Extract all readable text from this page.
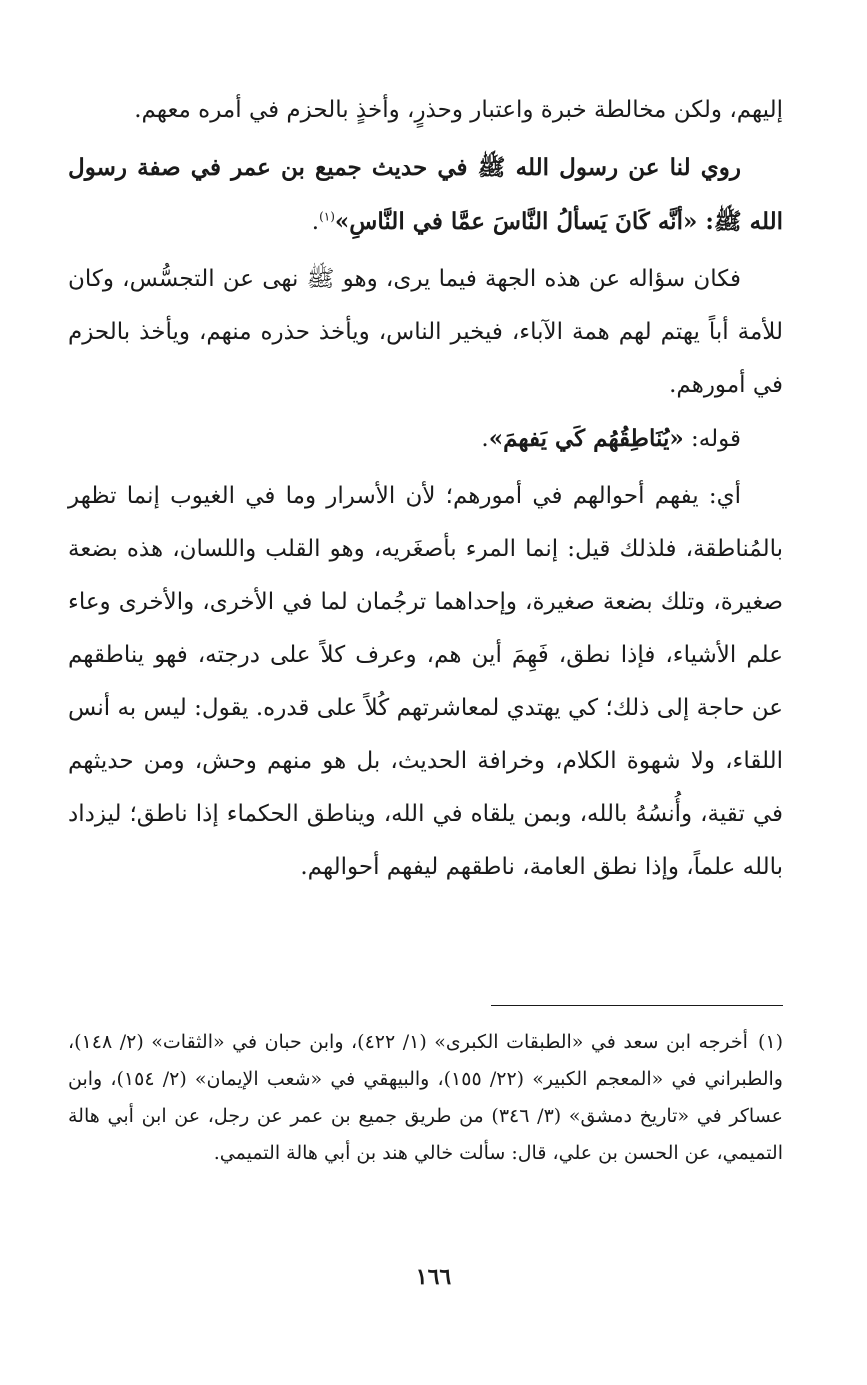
إليهم، ولكن مخالطة خبرة واعتبار وحذرٍ، وأخذٍ بالحزم في أمره معهم.

روي لنا عن رسول الله ﷺ في حديث جميع بن عمر في صفة رسول الله ﷺ: «أنَّه كَانَ يَسألُ النَّاسَ عمَّا في النَّاسِ»$^{(١)}$.

فكان سؤاله عن هذه الجهة فيما يرى، وهو ﷺ نهى عن التجسُّس، وكان للأمة أباً يهتم لهم همة الآباء، فيخير الناس، ويأخذ حذره منهم، ويأخذ بالحزم في أمورهم.

قوله: «يُنَاطِقُهُم كَي يَفهمَ».

أي: يفهم أحوالهم في أمورهم؛ لأن الأسرار وما في الغيوب إنما تظهر بالمُناطقة، فلذلك قيل: إنما المرء بأصغَريه، وهو القلب واللسان، هذه بضعة صغيرة، وتلك بضعة صغيرة، وإحداهما ترجُمان لما في الأخرى، والأخرى وعاء علم الأشياء، فإذا نطق، فَهِمَ أين هم، وعرف كلاً على درجته، فهو يناطقهم عن حاجة إلى ذلك؛ كي يهتدي لمعاشرتهم كُلاً على قدره. يقول: ليس به أنس اللقاء، ولا شهوة الكلام، وخرافة الحديث، بل هو منهم وحش، ومن حديثهم في تقية، وأُنسُهُ بالله، وبمن يلقاه في الله، ويناطق الحكماء إذا ناطق؛ ليزداد بالله علماً، وإذا نطق العامة، ناطقهم ليفهم أحوالهم.

(١)أخرجه ابن سعد في «الطبقات الكبرى» (١/ ٤٢٢)، وابن حبان في «الثقات» (٢/ ١٤٨)، والطبراني في «المعجم الكبير» (٢٢/ ١٥٥)، والبيهقي في «شعب الإيمان» (٢/ ١٥٤)، وابن عساكر في «تاريخ دمشق» (٣/ ٣٤٦) من طريق جميع بن عمر عن رجل، عن ابن أبي هالة التميمي، عن الحسن بن علي، قال: سألت خالي هند بن أبي هالة التميمي.

١٦٦
